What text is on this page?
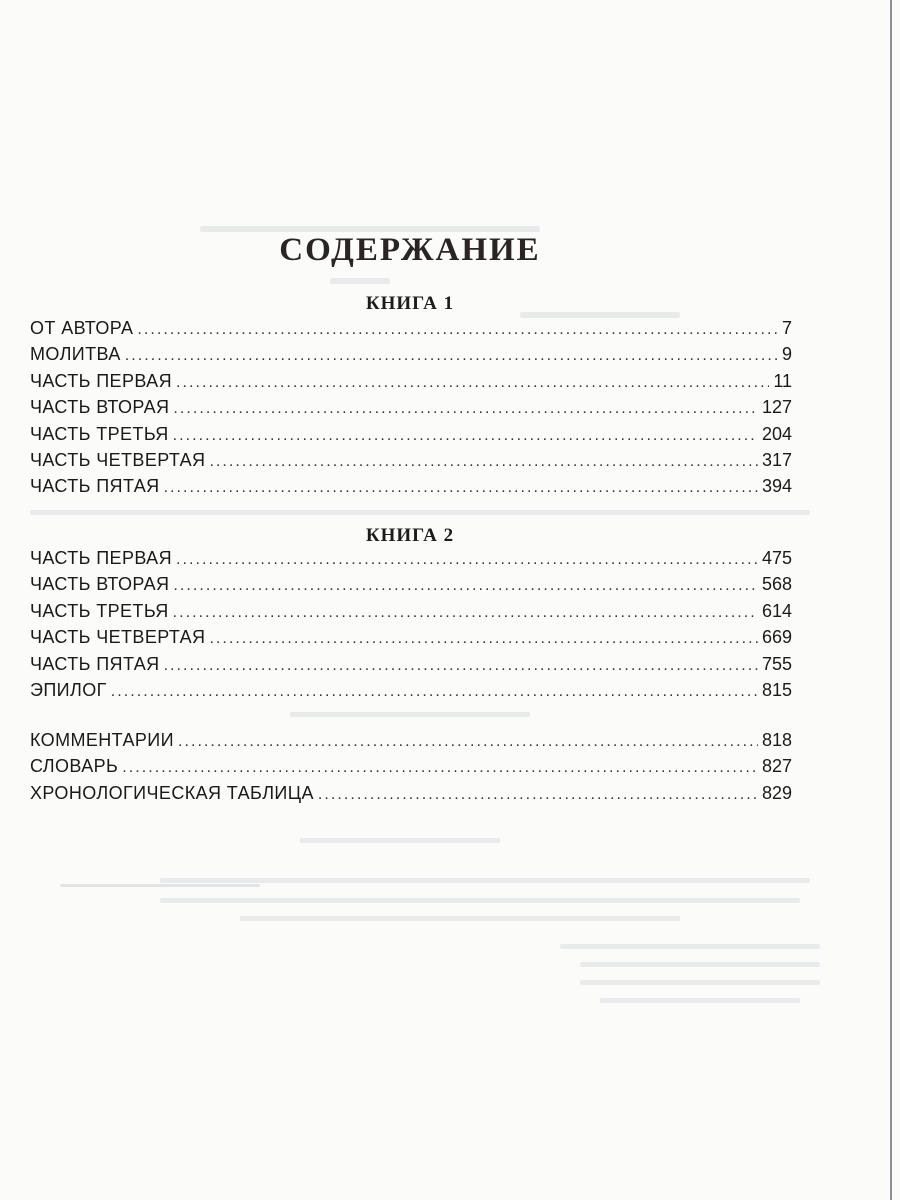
СОДЕРЖАНИЕ
КНИГА 1
ОТ АВТОРА . . .	7
МОЛИТВА . . .	9
ЧАСТЬ ПЕРВАЯ . . .	11
ЧАСТЬ ВТОРАЯ . . .	127
ЧАСТЬ ТРЕТЬЯ . . .	204
ЧАСТЬ ЧЕТВЕРТАЯ . . .	317
ЧАСТЬ ПЯТАЯ . . .	394
КНИГА 2
ЧАСТЬ ПЕРВАЯ . . .	475
ЧАСТЬ ВТОРАЯ . . .	568
ЧАСТЬ ТРЕТЬЯ . . .	614
ЧАСТЬ ЧЕТВЕРТАЯ . . .	669
ЧАСТЬ ПЯТАЯ . . .	755
ЭПИЛОГ . . .	815
КОММЕНТАРИИ . . .	818
СЛОВАРЬ . . .	827
ХРОНОЛОГИЧЕСКАЯ ТАБЛИЦА . . .	829
